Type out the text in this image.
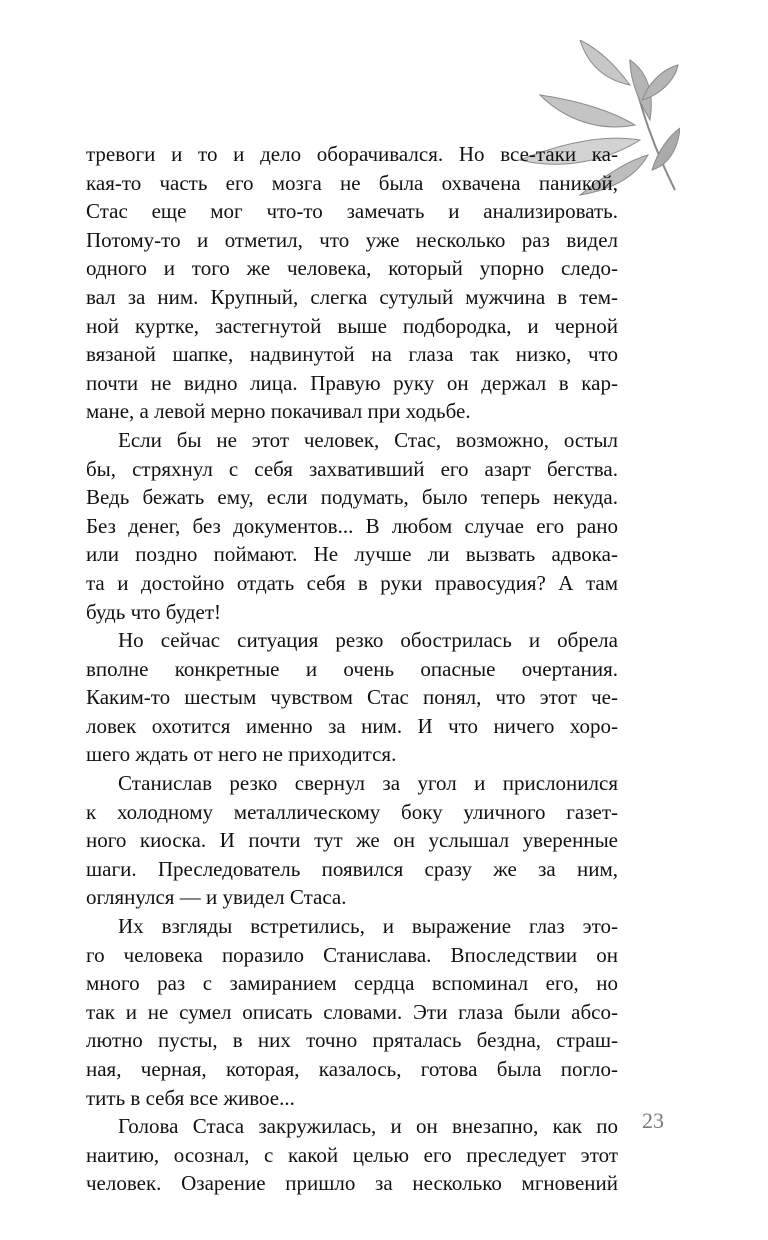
тревоги и то и дело оборачивался. Но все-таки ка-
кая-то часть его мозга не была охвачена паникой,
Стас еще мог что-то замечать и анализировать.
Потому-то и отметил, что уже несколько раз видел
одного и того же человека, который упорно следо-
вал за ним. Крупный, слегка сутулый мужчина в тем-
ной куртке, застегнутой выше подбородка, и черной
вязаной шапке, надвинутой на глаза так низко, что
почти не видно лица. Правую руку он держал в кар-
мане, а левой мерно покачивал при ходьбе.
Если бы не этот человек, Стас, возможно, остыл
бы, стряхнул с себя захвативший его азарт бегства.
Ведь бежать ему, если подумать, было теперь некуда.
Без денег, без документов... В любом случае его рано
или поздно поймают. Не лучше ли вызвать адвока-
та и достойно отдать себя в руки правосудия? А там
будь что будет!
Но сейчас ситуация резко обострилась и обрела
вполне конкретные и очень опасные очертания.
Каким-то шестым чувством Стас понял, что этот че-
ловек охотится именно за ним. И что ничего хоро-
шего ждать от него не приходится.
Станислав резко свернул за угол и прислонился
к холодному металлическому боку уличного газет-
ного киоска. И почти тут же он услышал уверенные
шаги. Преследователь появился сразу же за ним,
оглянулся — и увидел Стаса.
Их взгляды встретились, и выражение глаз это-
го человека поразило Станислава. Впоследствии он
много раз с замиранием сердца вспоминал его, но
так и не сумел описать словами. Эти глаза были абсо-
лютно пусты, в них точно пряталась бездна, страш-
ная, черная, которая, казалось, готова была погло-
тить в себя все живое...
Голова Стаса закружилась, и он внезапно, как по
наитию, осознал, с какой целью его преследует этот
человек. Озарение пришло за несколько мгновений
23
